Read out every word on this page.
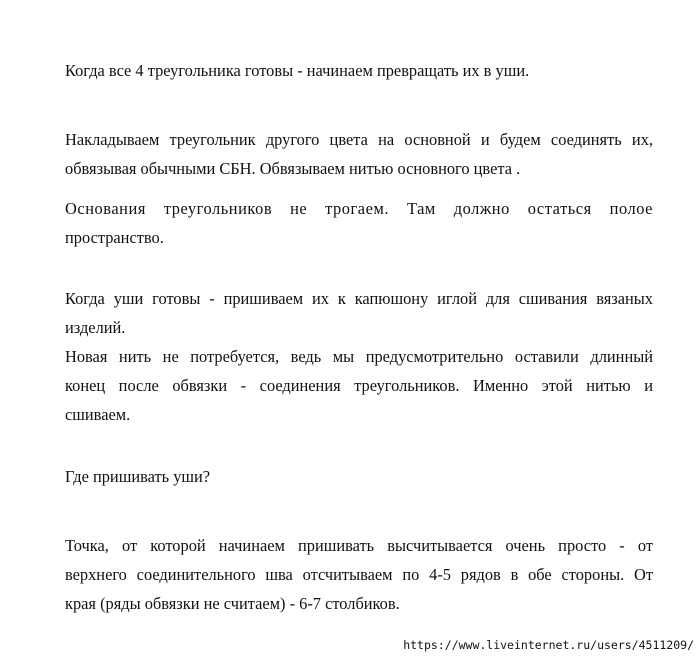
Когда все 4 треугольника готовы - начинаем превращать их в уши.

Накладываем треугольник другого цвета на основной и будем соединять их,
обвязывая обычными СБН. Обвязываем нитью основного цвета .

Основания треугольников не трогаем. Там должно остаться полое
пространство.

Когда уши готовы - пришиваем их к капюшону иглой для сшивания вязаных
изделий.

Новая нить не потребуется, ведь мы предусмотрительно оставили длинный
конец после обвязки - соединения треугольников. Именно этой нитью и
сшиваем.

Где пришивать уши?

Точка, от которой начинаем пришивать высчитывается очень просто - от
верхнего соединительного шва отсчитываем по 4-5 рядов в обе стороны. От
края (ряды обвязки не считаем) - 6-7 столбиков.

https://www.liveinternet.ru/users/4511209/
